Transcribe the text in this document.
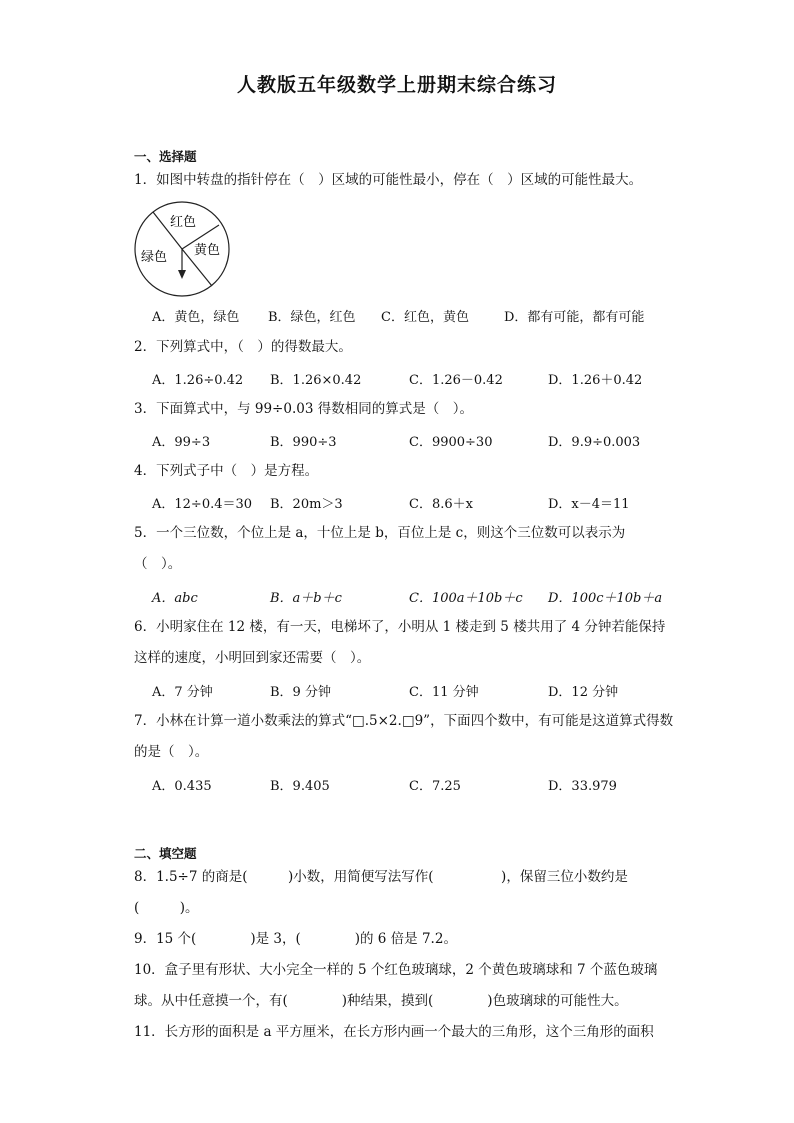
人教版五年级数学上册期末综合练习
一、选择题
1．如图中转盘的指针停在（　）区域的可能性最小，停在（　）区域的可能性最大。
红色
黄色
绿色
A．黄色，绿色 B．绿色，红色 C．红色，黄色	D．都有可能，都有可能
2．下列算式中，（　）的得数最大。
A．1.26÷0.42 B．1.26×0.42	C．1.26－0.42	D．1.26＋0.42
3．下面算式中，与 99÷0.03 得数相同的算式是（　）。
A．99÷3	B．990÷3	C．9900÷30	D．9.9÷0.003
4．下列式子中（　）是方程。
A．12÷0.4＝30 B．20m＞3	C．8.6＋x	D．x－4＝11
5．一个三位数，个位上是 a，十位上是 b，百位上是 c，则这个三位数可以表示为
（　）。
A．abc	B．a＋b＋c	C．100a＋10b＋c D．100c＋10b＋a
6．小明家住在 12 楼，有一天，电梯坏了，小明从 1 楼走到 5 楼共用了 4 分钟若能保持
这样的速度，小明回到家还需要（　）。
A．7 分钟	B．9 分钟	C．11 分钟	D．12 分钟
7．小林在计算一道小数乘法的算式“□.5×2.□9”，下面四个数中，有可能是这道算式得数
的是（　）。
A．0.435	B．9.405	C．7.25	D．33.979
二、填空题
8．1.5÷7 的商是(　　　)小数，用简便写法写作(　　　　　)，保留三位小数约是
(　　　)。
9．15 个(　　　　)是 3，(　　　　)的 6 倍是 7.2。
10．盒子里有形状、大小完全一样的 5 个红色玻璃球，2 个黄色玻璃球和 7 个蓝色玻璃
球。从中任意摸一个，有(　　　　)种结果，摸到(　　　　)色玻璃球的可能性大。
11．长方形的面积是 a 平方厘米，在长方形内画一个最大的三角形，这个三角形的面积
